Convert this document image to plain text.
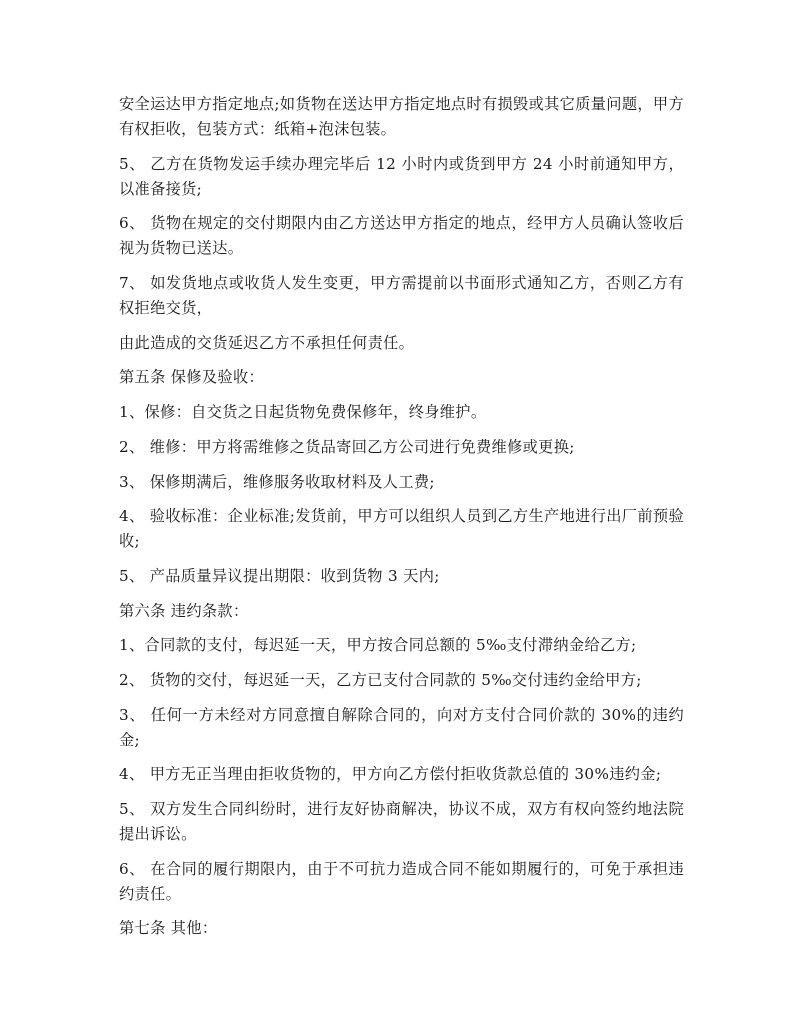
安全运达甲方指定地点;如货物在送达甲方指定地点时有损毁或其它质量问题，甲方有权拒收，包装方式：纸箱+泡沫包装。

5、 乙方在货物发运手续办理完毕后 12 小时内或货到甲方 24 小时前通知甲方，以准备接货;

6、 货物在规定的交付期限内由乙方送达甲方指定的地点，经甲方人员确认签收后视为货物已送达。

7、 如发货地点或收货人发生变更，甲方需提前以书面形式通知乙方，否则乙方有权拒绝交货，

由此造成的交货延迟乙方不承担任何责任。

第五条 保修及验收：

1、保修：自交货之日起货物免费保修年，终身维护。

2、 维修：甲方将需维修之货品寄回乙方公司进行免费维修或更换;

3、 保修期满后，维修服务收取材料及人工费;

4、 验收标准：企业标准;发货前，甲方可以组织人员到乙方生产地进行出厂前预验收;

5、 产品质量异议提出期限：收到货物 3 天内;

第六条 违约条款：

1、合同款的支付，每迟延一天，甲方按合同总额的 5‰支付滞纳金给乙方;

2、 货物的交付，每迟延一天，乙方已支付合同款的 5‰交付违约金给甲方;

3、 任何一方未经对方同意擅自解除合同的，向对方支付合同价款的 30%的违约金;

4、 甲方无正当理由拒收货物的，甲方向乙方偿付拒收货款总值的 30%违约金;

5、 双方发生合同纠纷时，进行友好协商解决，协议不成，双方有权向签约地法院提出诉讼。

6、 在合同的履行期限内，由于不可抗力造成合同不能如期履行的，可免于承担违约责任。

第七条 其他：
